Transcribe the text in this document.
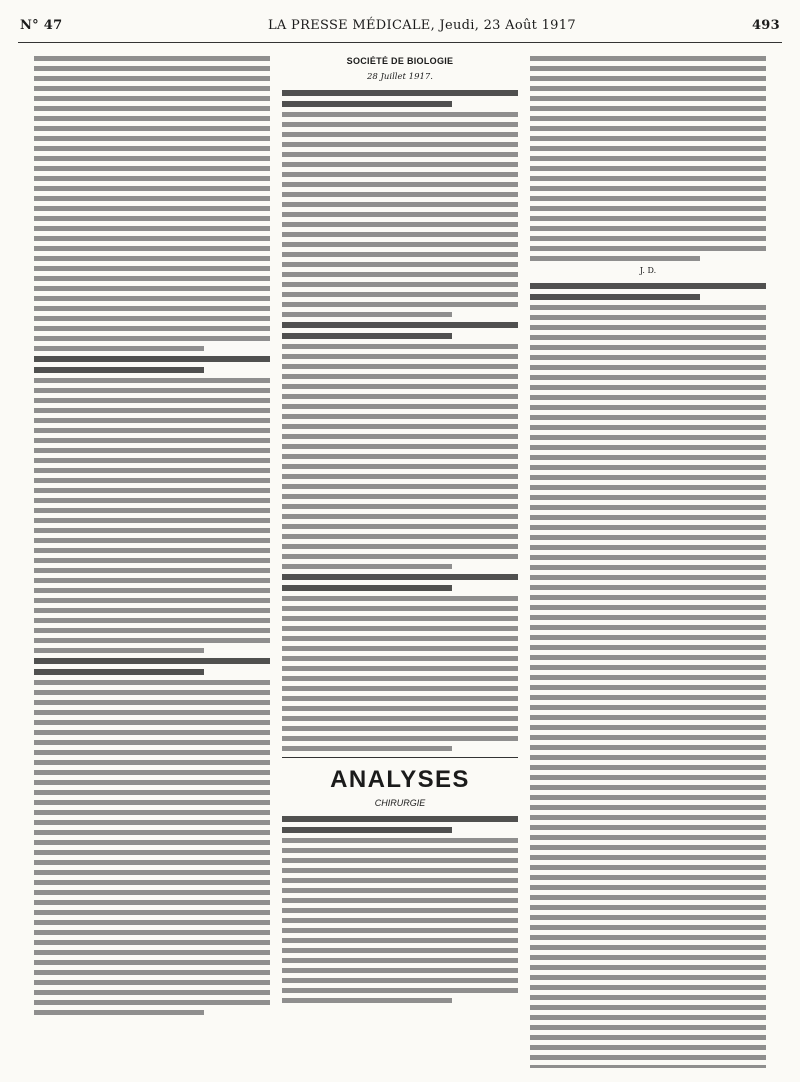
N° 47	LA PRESSE MÉDICALE, Jeudi, 23 Août 1917	493
SOCIÉTÉ DE BIOLOGIE
28 Juillet 1917.
ANALYSES
CHIRURGIE
J. D.
